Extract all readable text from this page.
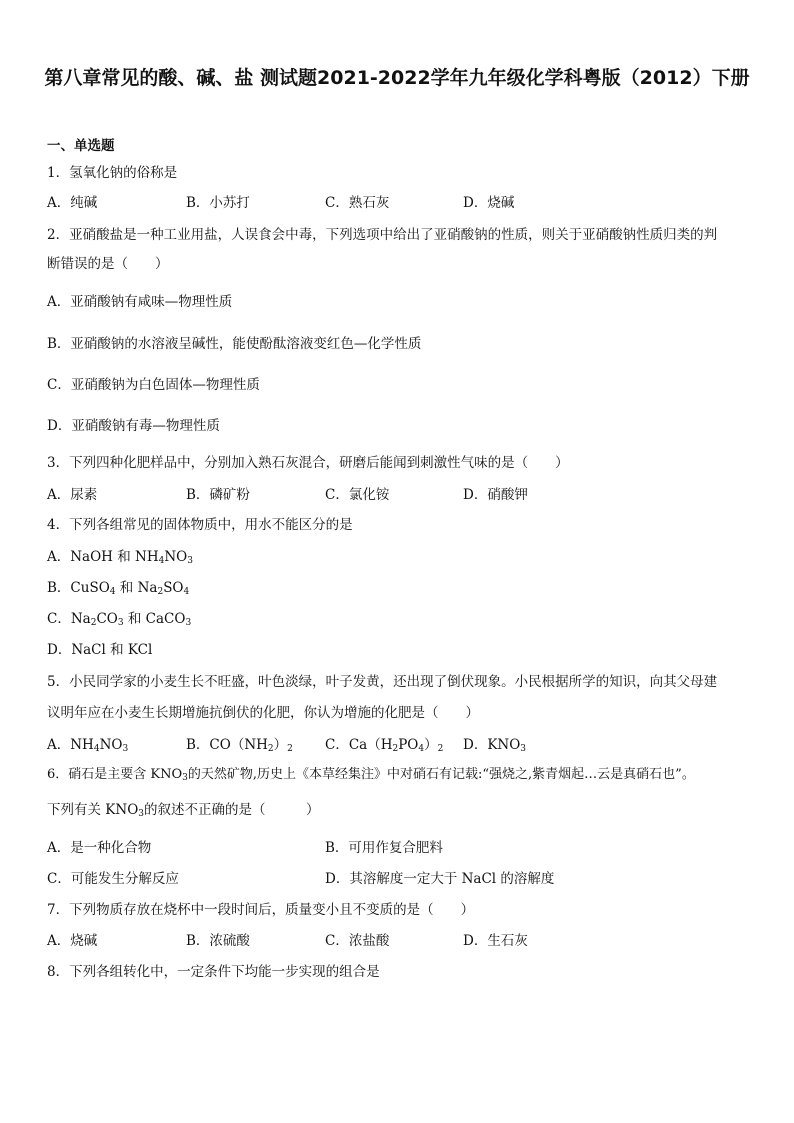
第八章常见的酸、碱、盐 测试题2021-2022学年九年级化学科粤版（2012）下册
一、单选题
1．氢氧化钠的俗称是
A．纯碱	B．小苏打	C．熟石灰	D．烧碱
2．亚硝酸盐是一种工业用盐，人误食会中毒，下列选项中给出了亚硝酸钠的性质，则关于亚硝酸钠性质归类的判
断错误的是（　　）
A．亚硝酸钠有咸味—物理性质
B．亚硝酸钠的水溶液呈碱性，能使酚酞溶液变红色—化学性质
C．亚硝酸钠为白色固体—物理性质
D．亚硝酸钠有毒—物理性质
3．下列四种化肥样品中，分别加入熟石灰混合，研磨后能闻到刺激性气味的是（　　）
A．尿素	B．磷矿粉	C．氯化铵	D．硝酸钾
4．下列各组常见的固体物质中，用水不能区分的是
A．NaOH 和 $NH_4NO_3$
B．CuSO$_4$ 和 $Na_2SO_4$
C．$Na_2CO_3$ 和 CaCO$_3$
D．NaCl 和 KCl
5．小民同学家的小麦生长不旺盛，叶色淡绿，叶子发黄，还出现了倒伏现象。小民根据所学的知识，向其父母建
议明年应在小麦生长期增施抗倒伏的化肥，你认为增施的化肥是（　　）
A．$NH_4NO_3$	B．$CO(NH_2)_2$ C．$Ca(H_2PO_4)_2$ D．$KNO_3$
6．硝石是主要含 $KNO_3$的天然矿物,历史上《本草经集注》中对硝石有记载:“强烧之,紫青烟起…云是真硝石也”。
下列有关 $KNO_3$的叙述不正确的是（　　　）
A．是一种化合物	B．可用作复合肥料
C．可能发生分解反应	D．其溶解度一定大于 NaCl 的溶解度
7．下列物质存放在烧杯中一段时间后，质量变小且不变质的是（　　）
A．烧碱	B．浓硫酸	C．浓盐酸	D．生石灰
8．下列各组转化中，一定条件下均能一步实现的组合是
